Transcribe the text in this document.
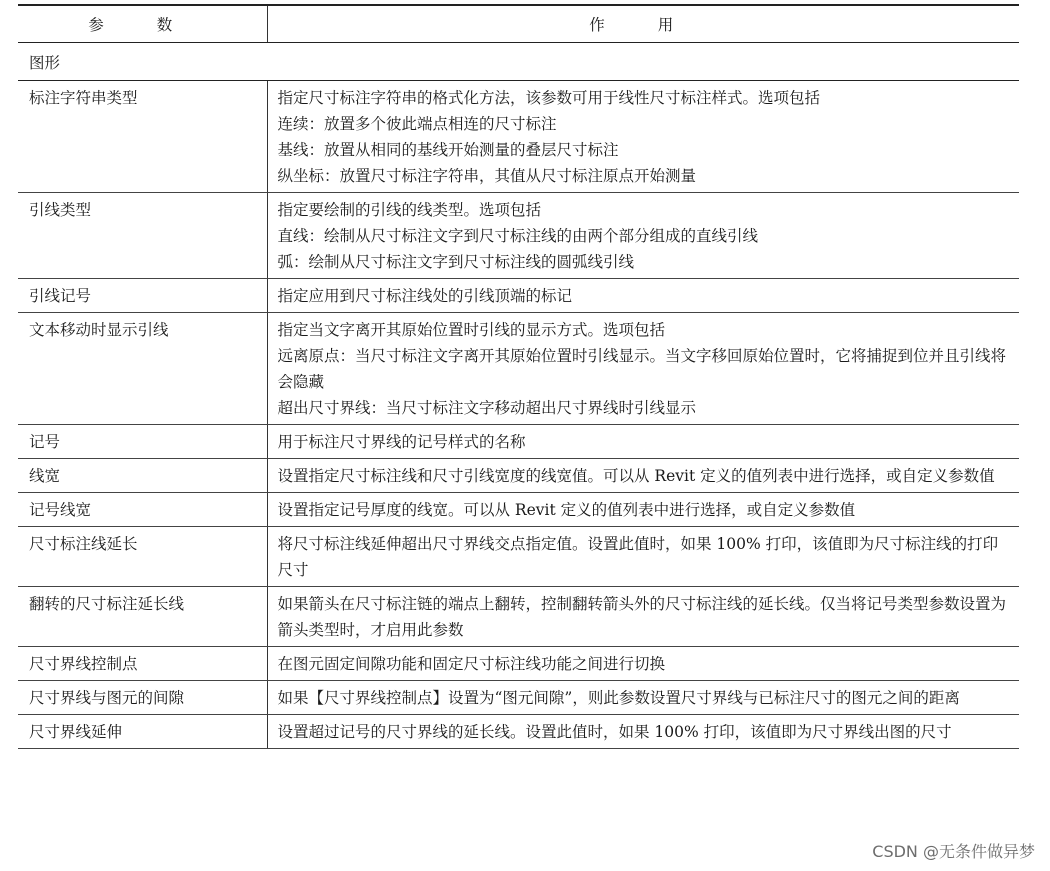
参 数	作 用
图形	
标注字符串类型	指定尺寸标注字符串的格式化方法，该参数可用于线性尺寸标注样式。选项包括
连续：放置多个彼此端点相连的尺寸标注
基线：放置从相同的基线开始测量的叠层尺寸标注
纵坐标：放置尺寸标注字符串，其值从尺寸标注原点开始测量

引线类型	指定要绘制的引线的线类型。选项包括
直线：绘制从尺寸标注文字到尺寸标注线的由两个部分组成的直线引线
弧：绘制从尺寸标注文字到尺寸标注线的圆弧线引线

引线记号	指定应用到尺寸标注线处的引线顶端的标记

文本移动时显示引线	指定当文字离开其原始位置时引线的显示方式。选项包括
远离原点：当尺寸标注文字离开其原始位置时引线显示。当文字移回原始位置时，它将捕捉到位并且引线将会隐藏
超出尺寸界线：当尺寸标注文字移动超出尺寸界线时引线显示

记号	用于标注尺寸界线的记号样式的名称

线宽	设置指定尺寸标注线和尺寸引线宽度的线宽值。可以从 Revit 定义的值列表中进行选择，或自定义参数值

记号线宽	设置指定记号厚度的线宽。可以从 Revit 定义的值列表中进行选择，或自定义参数值

尺寸标注线延长	将尺寸标注线延伸超出尺寸界线交点指定值。设置此值时，如果 100% 打印，该值即为尺寸标注线的打印尺寸

翻转的尺寸标注延长线	如果箭头在尺寸标注链的端点上翻转，控制翻转箭头外的尺寸标注线的延长线。仅当将记号类型参数设置为箭头类型时，才启用此参数

尺寸界线控制点	在图元固定间隙功能和固定尺寸标注线功能之间进行切换

尺寸界线与图元的间隙	如果【尺寸界线控制点】设置为“图元间隙”，则此参数设置尺寸界线与已标注尺寸的图元之间的距离

尺寸界线延伸	设置超过记号的尺寸界线的延长线。设置此值时，如果 100% 打印，该值即为尺寸界线出图的尺寸
CSDN @无条件做异梦
